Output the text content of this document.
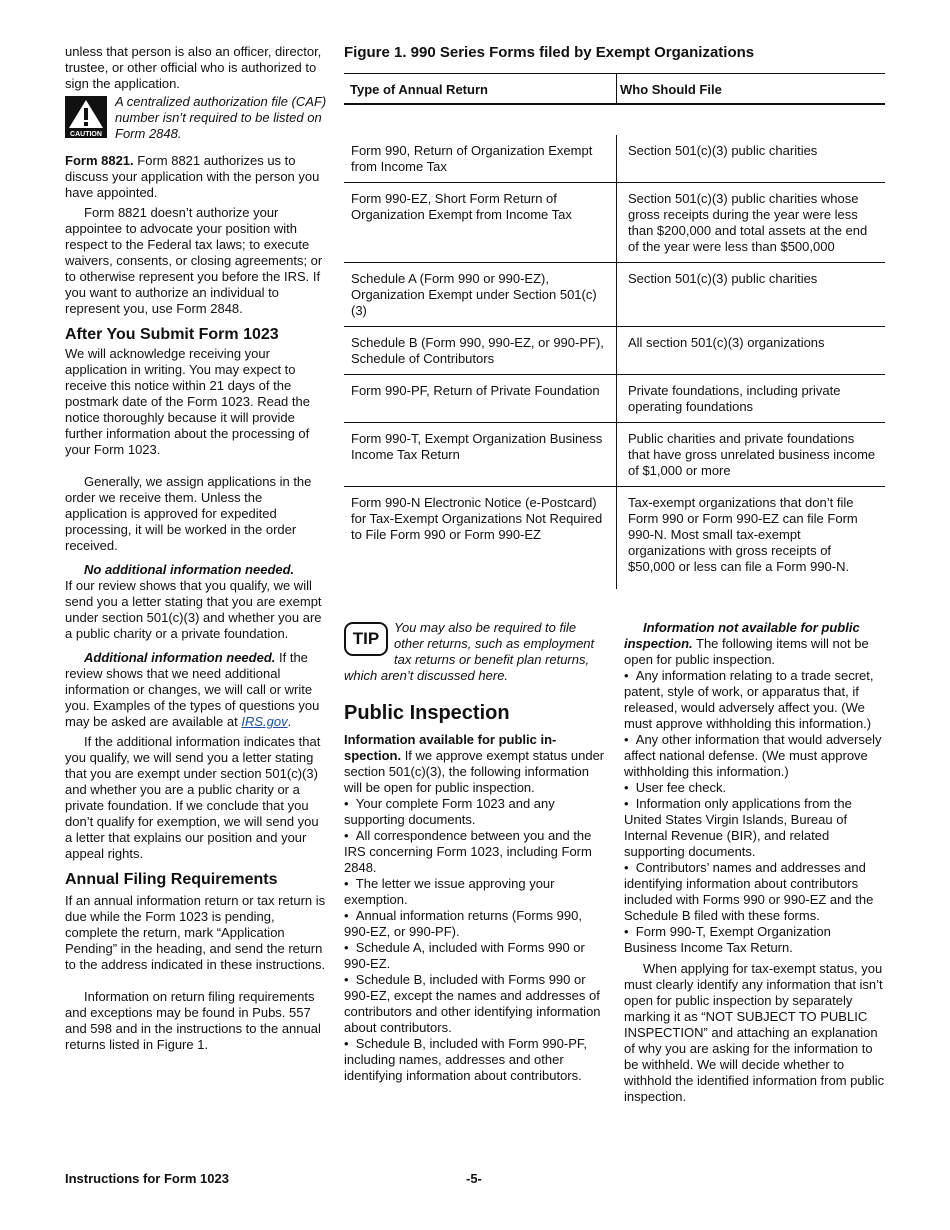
unless that person is also an officer, director, trustee, or other official who is authorized to sign the application.

CAUTION

A centralized authorization file (CAF) number isn’t required to be listed on Form 2848.

Form 8821. Form 8821 authorizes us to discuss your application with the person you have appointed.

Form 8821 doesn’t authorize your appointee to advocate your position with respect to the Federal tax laws; to execute waivers, consents, or closing agreements; or to otherwise represent you before the IRS. If you want to authorize an individual to represent you, use Form 2848.

After You Submit Form 1023

We will acknowledge receiving your application in writing. You may expect to receive this notice within 21 days of the postmark date of the Form 1023. Read the notice thoroughly because it will provide further information about the processing of your Form 1023.

Generally, we assign applications in the order we receive them. Unless the application is approved for expedited processing, it will be worked in the order received.

No additional information needed.
If our review shows that you qualify, we will send you a letter stating that you are exempt under section 501(c)(3) and whether you are a public charity or a private foundation.

Additional information needed. If the review shows that we need additional information or changes, we will call or write you. Examples of the types of questions you may be asked are available at IRS.gov.

If the additional information indicates that you qualify, we will send you a letter stating that you are exempt under section 501(c)(3) and whether you are a public charity or a private foundation. If we conclude that you don’t qualify for exemption, we will send you a letter that explains our position and your appeal rights.

Annual Filing Requirements

If an annual information return or tax return is due while the Form 1023 is pending, complete the return, mark “Application Pending” in the heading, and send the return to the address indicated in these instructions.

Information on return filing requirements and exceptions may be found in Pubs. 557 and 598 and in the instructions to the annual returns listed in Figure 1.

Figure 1. 990 Series Forms filed by Exempt Organizations
Type of Annual Return	Who Should File

Form 990, Return of Organization Exempt from Income Tax	Section 501(c)(3) public charities
Form 990-EZ, Short Form Return of Organization Exempt from Income Tax	Section 501(c)(3) public charities whose gross receipts during the year were less than $200,000 and total assets at the end of the year were less than $500,000
Schedule A (Form 990 or 990-EZ), Organization Exempt under Section 501(c)(3)	Section 501(c)(3) public charities
Schedule B (Form 990, 990-EZ, or 990-PF), Schedule of Contributors	All section 501(c)(3) organizations
Form 990-PF, Return of Private Foundation	Private foundations, including private operating foundations
Form 990-T, Exempt Organization Business Income Tax Return	Public charities and private foundations that have gross unrelated business income of $1,000 or more
Form 990-N Electronic Notice (e-Postcard) for Tax-Exempt Organizations Not Required to File Form 990 or Form 990-EZ	Tax-exempt organizations that don’t file Form 990 or Form 990-EZ can file Form 990-N. Most small tax-exempt organizations with gross receipts of $50,000 or less can file a Form 990-N.
TIP

You may also be required to file other returns, such as employment tax returns or benefit plan returns, which aren’t discussed here.

Public Inspection

Information available for public in-spection. If we approve exempt status under section 501(c)(3), the following information will be open for public inspection.

•  Your complete Form 1023 and any supporting documents.

•  All correspondence between you and the IRS concerning Form 1023, including Form 2848.

•  The letter we issue approving your exemption.

•  Annual information returns (Forms 990, 990-EZ, or 990-PF).

•  Schedule A, included with Forms 990 or 990-EZ.

•  Schedule B, included with Forms 990 or 990-EZ, except the names and addresses of contributors and other identifying information about contributors.

•  Schedule B, included with Form 990-PF, including names, addresses and other identifying information about contributors.

Information not available for public inspection. The following items will not be open for public inspection.

•  Any information relating to a trade secret, patent, style of work, or apparatus that, if released, would adversely affect you. (We must approve withholding this information.)

•  Any other information that would adversely affect national defense. (We must approve withholding this information.)

•  User fee check.

•  Information only applications from the United States Virgin Islands, Bureau of Internal Revenue (BIR), and related supporting documents.

•  Contributors’ names and addresses and identifying information about contributors included with Forms 990 or 990-EZ and the Schedule B filed with these forms.

•  Form 990-T, Exempt Organization Business Income Tax Return.

When applying for tax-exempt status, you must clearly identify any information that isn’t open for public inspection by separately marking it as “NOT SUBJECT TO PUBLIC INSPECTION” and attaching an explanation of why you are asking for the information to be withheld. We will decide whether to withhold the identified information from public inspection.

Instructions for Form 1023	-5-
